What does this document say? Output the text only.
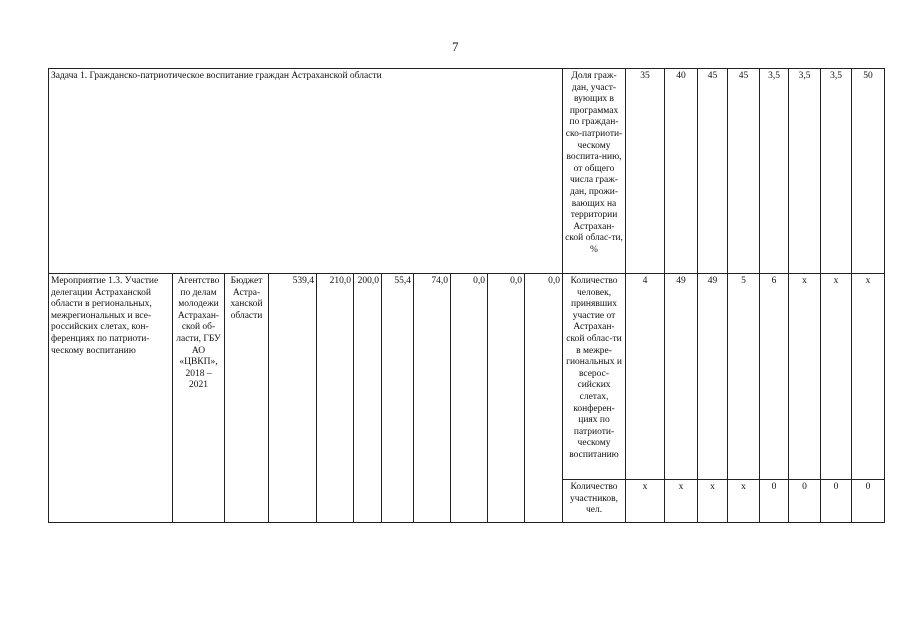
7
Задача 1. Гражданско-патриотическое воспитание граждан Астраханской области											Доля граж-дан, участ-вующих в программах по граждан-ско-патриоти-ческому воспита-нию, от общего числа граж-дан, прожи-вающих на территории Астрахан-ской облас-ти, %	35	40	45	45	3,5	3,5	3,5	50
Мероприятие 1.3. Участие делегации Астраханской области в региональных, межрегиональных и все-российских слетах, кон-ференциях по патриоти-ческому воспитанию	Агентство по делам молодежи Астрахан-ской об-ласти, ГБУ АО «ЦВКП», 2018 – 2021	Бюджет Астра-ханской области	539,4	210,0	200,0	55,4	74,0	0,0	0,0	0,0	Количество человек, принявших участие от Астрахан-ской облас-ти в межре-гиональных и всерос-сийских слетах, конферен-циях по патриоти-ческому воспитанию	4	49	49	5	6	х	х	х
											Количество участников, чел.	х	х	х	х	0	0	0	0
